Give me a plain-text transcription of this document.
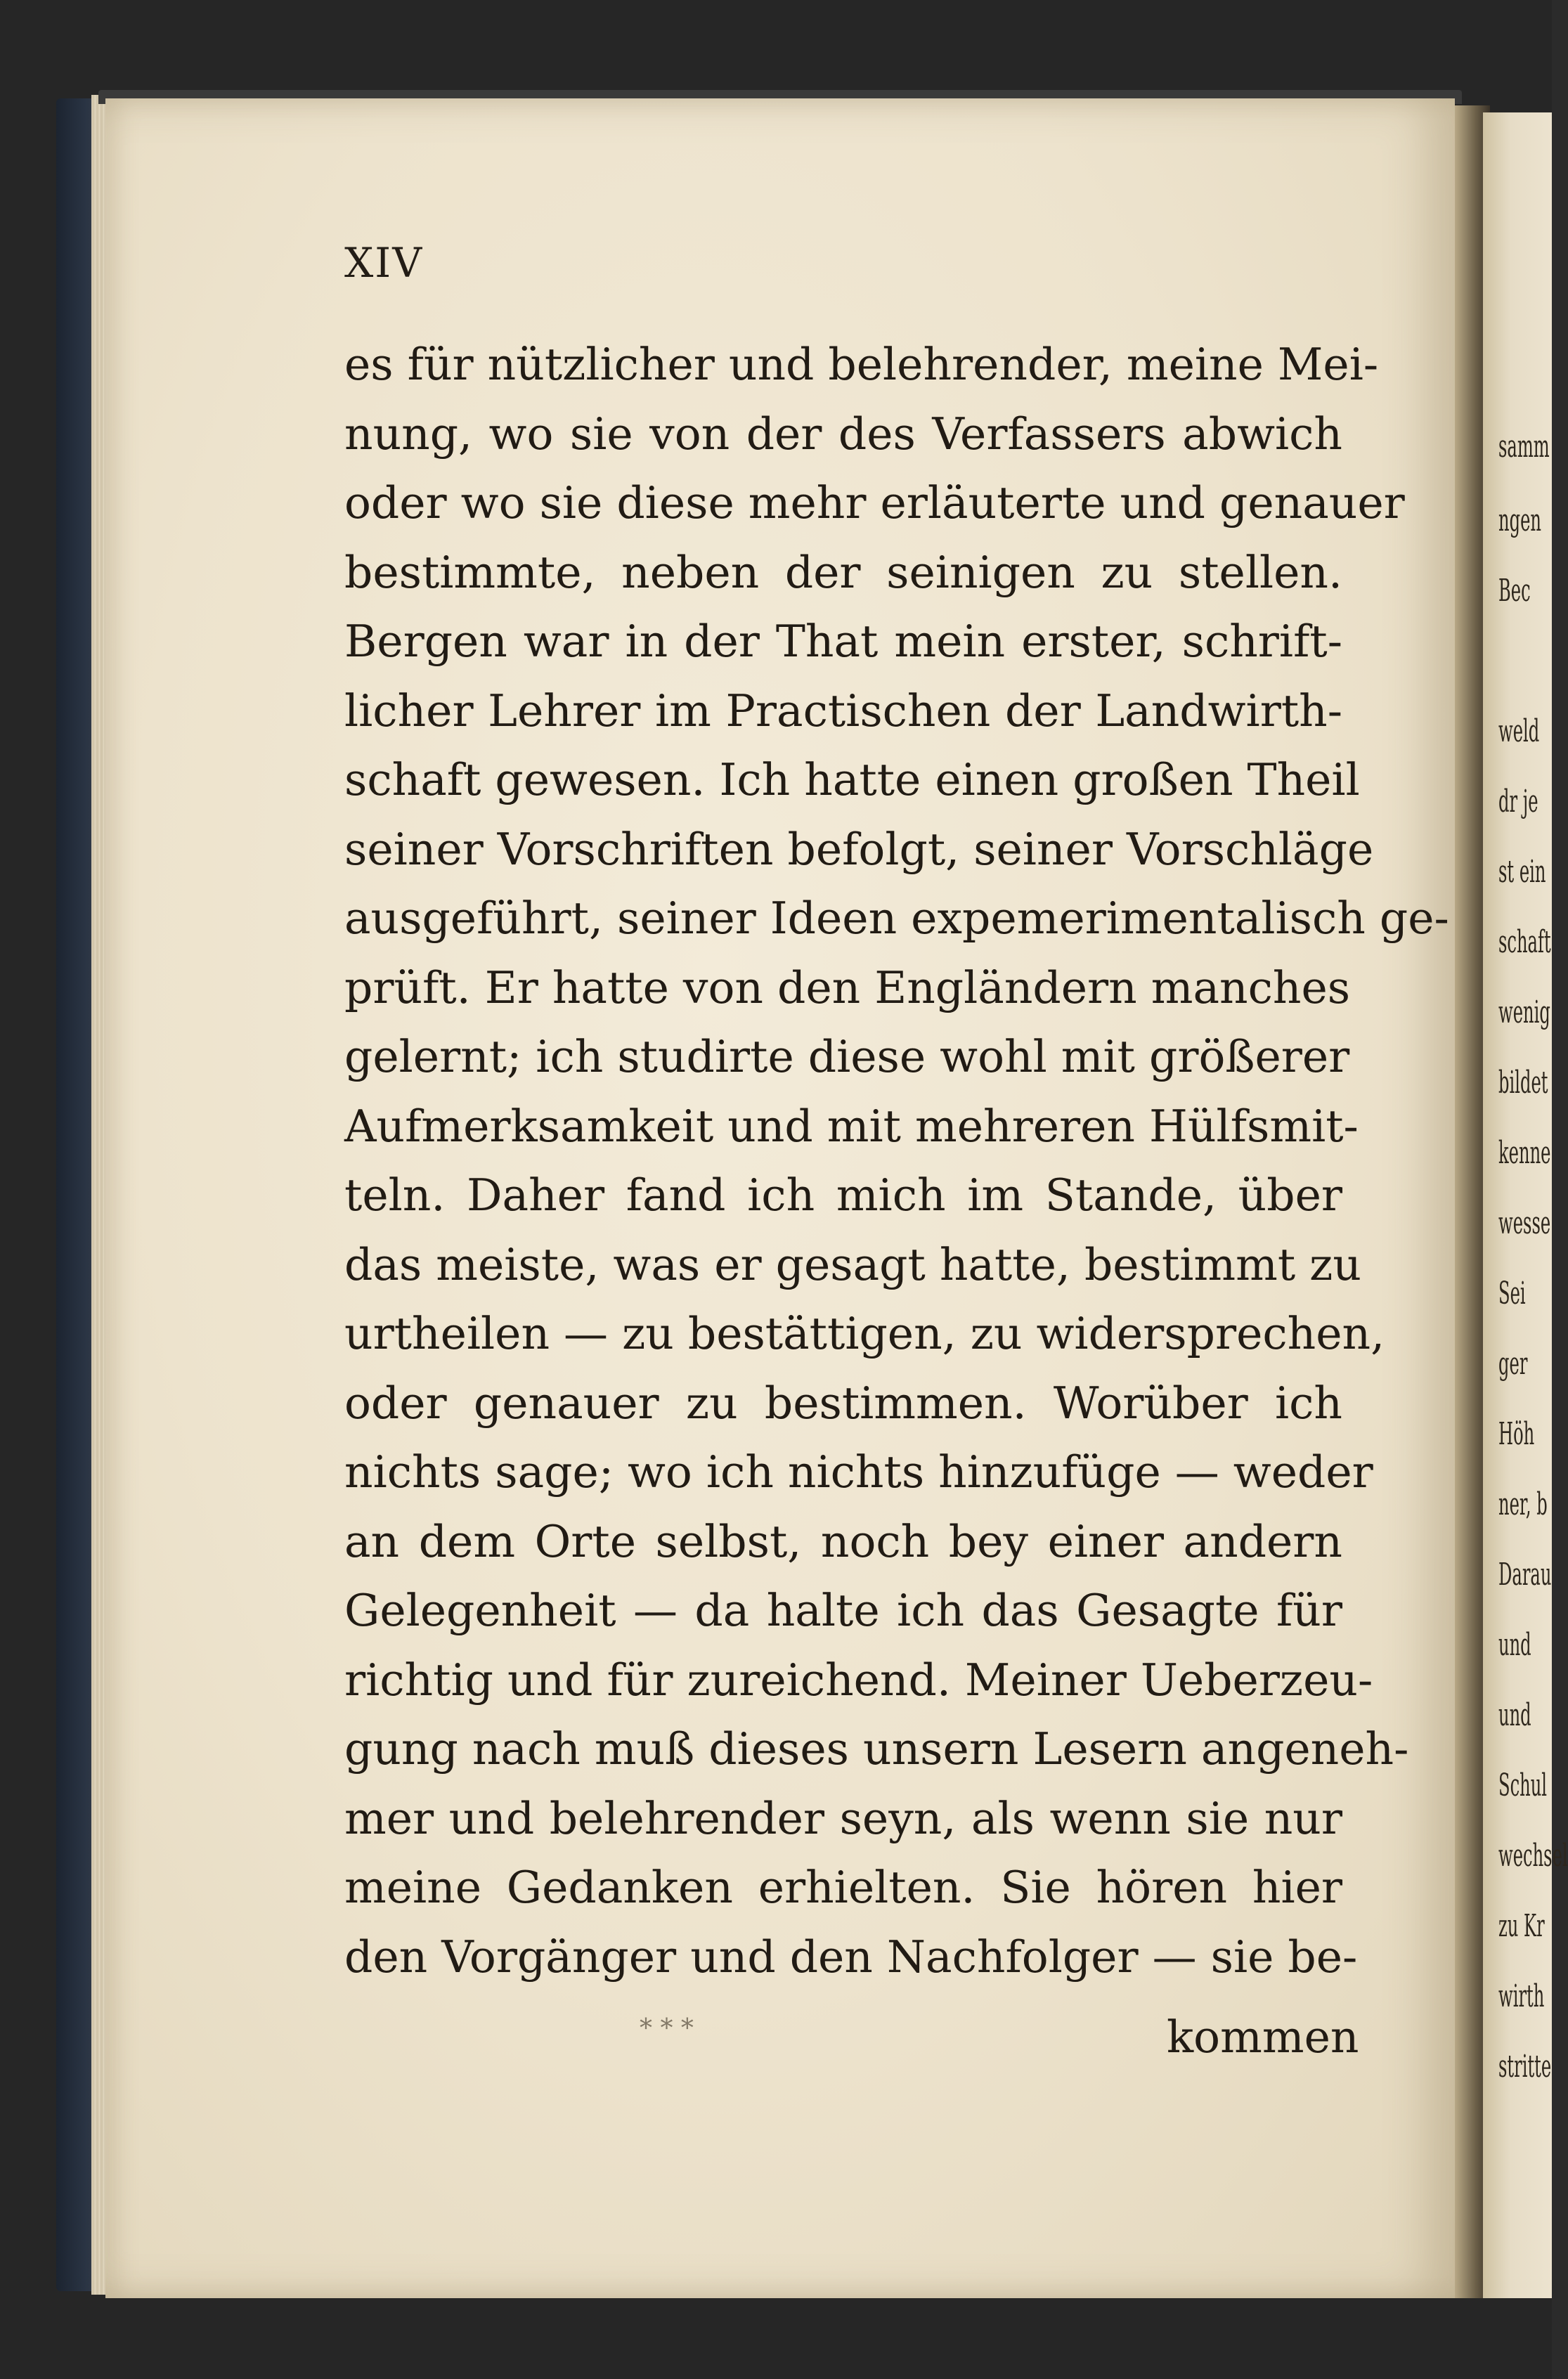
XIV
es für nützlicher und belehrender, meine Mei-
nung, wo sie von der des Verfassers abwich
oder wo sie diese mehr erläuterte und genauer
bestimmte, neben der seinigen zu stellen.
Bergen war in der That mein erster, schrift-
licher Lehrer im Practischen der Landwirth-
schaft gewesen. Ich hatte einen großen Theil
seiner Vorschriften befolgt, seiner Vorschläge
ausgeführt, seiner Ideen expemerimentalisch ge-
prüft. Er hatte von den Engländern manches
gelernt; ich studirte diese wohl mit größerer
Aufmerksamkeit und mit mehreren Hülfsmit-
teln. Daher fand ich mich im Stande, über
das meiste, was er gesagt hatte, bestimmt zu
urtheilen — zu bestättigen, zu widersprechen,
oder genauer zu bestimmen. Worüber ich
nichts sage; wo ich nichts hinzufüge — weder
an dem Orte selbst, noch bey einer andern
Gelegenheit — da halte ich das Gesagte für
richtig und für zureichend. Meiner Ueberzeu-
gung nach muß dieses unsern Lesern angeneh-
mer und belehrender seyn, als wenn sie nur
meine Gedanken erhielten. Sie hören hier
den Vorgänger und den Nachfolger — sie be-
* * *	kommen
samm
ngen
Bec
weld
dr je
st ein
schaft
wenig
bildet
kenne
wesse
Sei
ger
Höh
ner, b
Darau
und
und
Schul
wechsel
zu Kr
wirth
stritte
